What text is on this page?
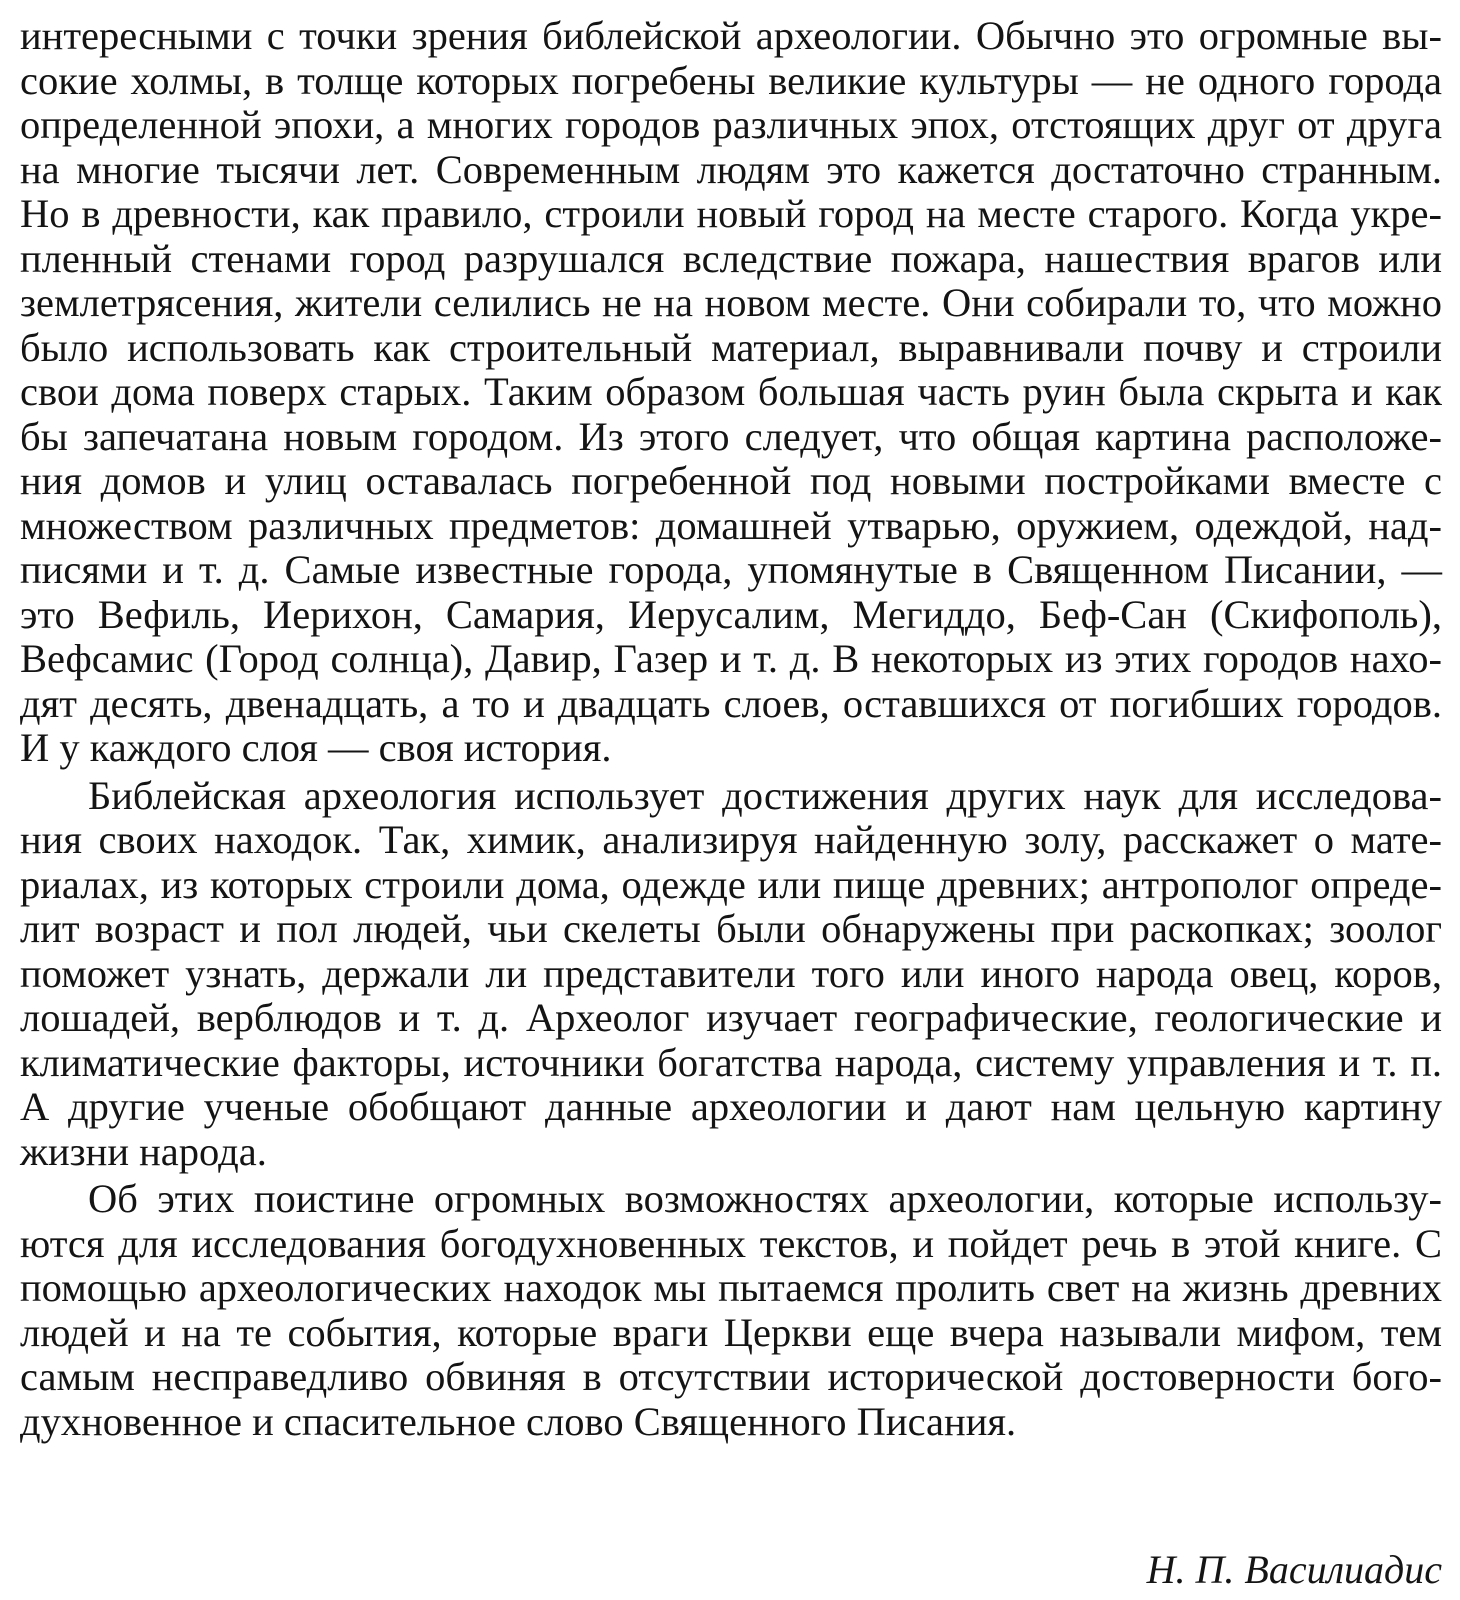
интересными с точки зрения библейской археологии. Обычно это огромные вы-
сокие холмы, в толще которых погребены великие культуры — не одного города
определенной эпохи, а многих городов различных эпох, отстоящих друг от друга
на многие тысячи лет. Современным людям это кажется достаточно странным.
Но в древности, как правило, строили новый город на месте старого. Когда укре-
пленный стенами город разрушался вследствие пожара, нашествия врагов или
землетрясения, жители селились не на новом месте. Они собирали то, что можно
было использовать как строительный материал, выравнивали почву и строили
свои дома поверх старых. Таким образом большая часть руин была скрыта и как
бы запечатана новым городом. Из этого следует, что общая картина расположе-
ния домов и улиц оставалась погребенной под новыми постройками вместе с
множеством различных предметов: домашней утварью, оружием, одеждой, над-
писями и т. д. Самые известные города, упомянутые в Священном Писании, —
это Вефиль, Иерихон, Самария, Иерусалим, Мегиддо, Беф-Сан (Скифополь),
Вефсамис (Город солнца), Давир, Газер и т. д. В некоторых из этих городов нахо-
дят десять, двенадцать, а то и двадцать слоев, оставшихся от погибших городов.
И у каждого слоя — своя история.
Библейская археология использует достижения других наук для исследова-
ния своих находок. Так, химик, анализируя найденную золу, расскажет о мате-
риалах, из которых строили дома, одежде или пище древних; антрополог опреде-
лит возраст и пол людей, чьи скелеты были обнаружены при раскопках; зоолог
поможет узнать, держали ли представители того или иного народа овец, коров,
лошадей, верблюдов и т. д. Археолог изучает географические, геологические и
климатические факторы, источники богатства народа, систему управления и т. п.
А другие ученые обобщают данные археологии и дают нам цельную картину
жизни народа.
Об этих поистине огромных возможностях археологии, которые использу-
ются для исследования богодухновенных текстов, и пойдет речь в этой книге. С
помощью археологических находок мы пытаемся пролить свет на жизнь древних
людей и на те события, которые враги Церкви еще вчера называли мифом, тем
самым несправедливо обвиняя в отсутствии исторической достоверности бого-
духновенное и спасительное слово Священного Писания.
Н. П. Василиадис
